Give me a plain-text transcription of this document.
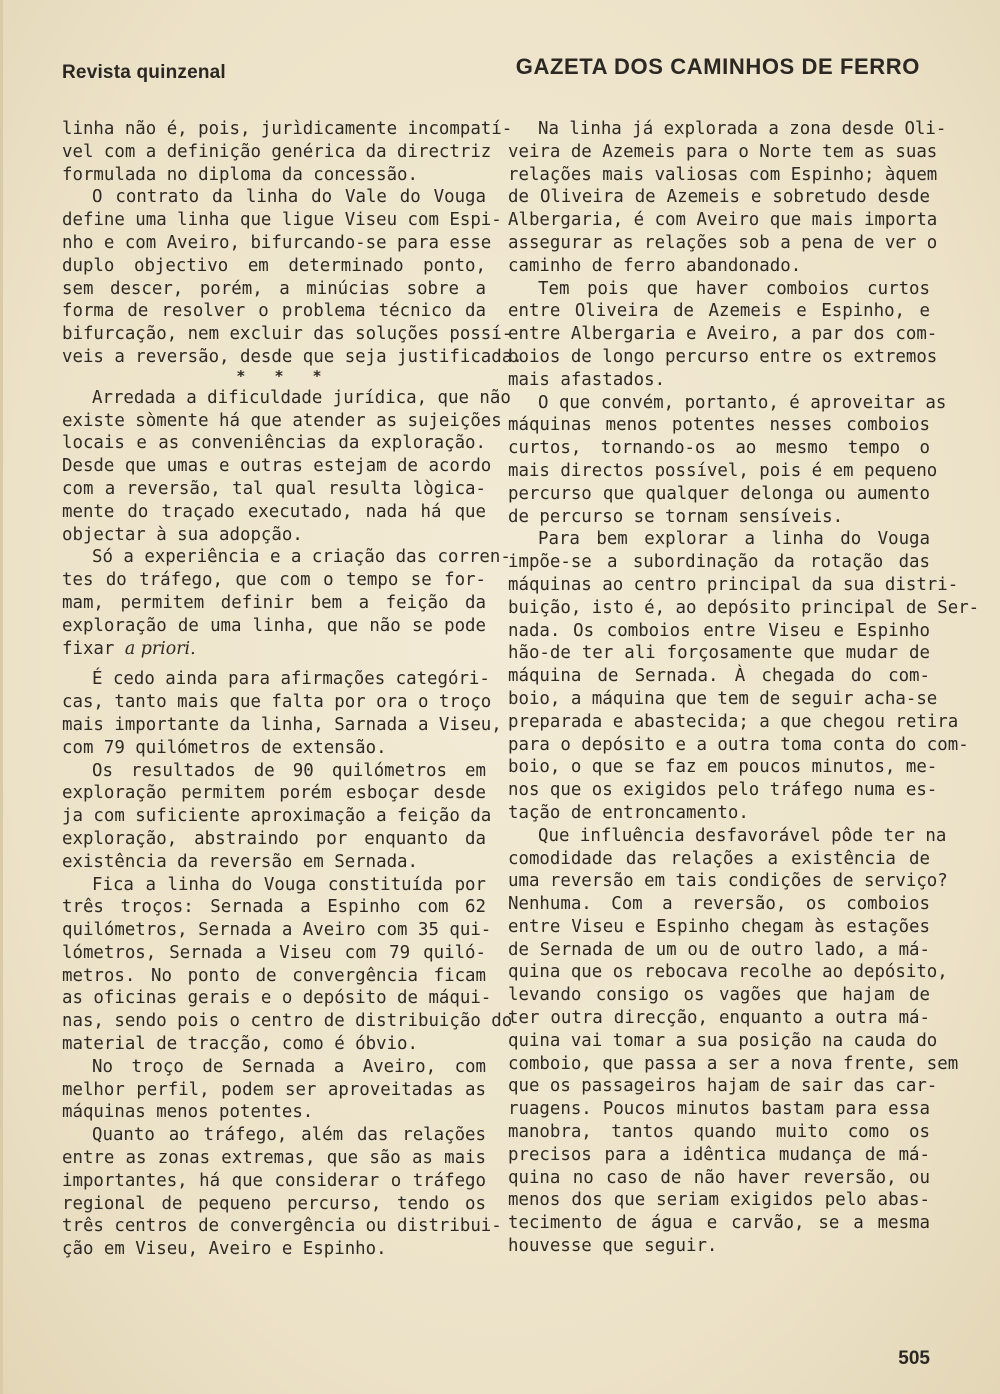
Revista quinzenal	GAZETA DOS CAMINHOS DE FERRO
linha não é, pois, jurìdicamente incompatí-
vel com a definição genérica da directriz
formulada no diploma da concessão.
O contrato da linha do Vale do Vouga
define uma linha que ligue Viseu com Espi-
nho e com Aveiro, bifurcando-se para esse
duplo objectivo em determinado ponto,
sem descer, porém, a minúcias sobre a
forma de resolver o problema técnico da
bifurcação, nem excluir das soluções possí-
veis a reversão, desde que seja justificada.
* * *
Arredada a dificuldade jurídica, que não
existe sòmente há que atender as sujeições
locais e as conveniências da exploração.
Desde que umas e outras estejam de acordo
com a reversão, tal qual resulta lògica-
mente do traçado executado, nada há que
objectar à sua adopção.
Só a experiência e a criação das corren-
tes do tráfego, que com o tempo se for-
mam, permitem definir bem a feição da
exploração de uma linha, que não se pode
fixar a priori.
É cedo ainda para afirmações categóri-
cas, tanto mais que falta por ora o troço
mais importante da linha, Sarnada a Viseu,
com 79 quilómetros de extensão.
Os resultados de 90 quilómetros em
exploração permitem porém esboçar desde
ja com suficiente aproximação a feição da
exploração, abstraindo por enquanto da
existência da reversão em Sernada.
Fica a linha do Vouga constituída por
três troços: Sernada a Espinho com 62
quilómetros, Sernada a Aveiro com 35 qui-
lómetros, Sernada a Viseu com 79 quiló-
metros. No ponto de convergência ficam
as oficinas gerais e o depósito de máqui-
nas, sendo pois o centro de distribuição do
material de tracção, como é óbvio.
No troço de Sernada a Aveiro, com
melhor perfil, podem ser aproveitadas as
máquinas menos potentes.
Quanto ao tráfego, além das relações
entre as zonas extremas, que são as mais
importantes, há que considerar o tráfego
regional de pequeno percurso, tendo os
três centros de convergência ou distribui-
ção em Viseu, Aveiro e Espinho.
Na linha já explorada a zona desde Oli-
veira de Azemeis para o Norte tem as suas
relações mais valiosas com Espinho; àquem
de Oliveira de Azemeis e sobretudo desde
Albergaria, é com Aveiro que mais importa
assegurar as relações sob a pena de ver o
caminho de ferro abandonado.
Tem pois que haver comboios curtos
entre Oliveira de Azemeis e Espinho, e
entre Albergaria e Aveiro, a par dos com-
boios de longo percurso entre os extremos
mais afastados.
O que convém, portanto, é aproveitar as
máquinas menos potentes nesses comboios
curtos, tornando-os ao mesmo tempo o
mais directos possível, pois é em pequeno
percurso que qualquer delonga ou aumento
de percurso se tornam sensíveis.
Para bem explorar a linha do Vouga
impõe-se a subordinação da rotação das
máquinas ao centro principal da sua distri-
buição, isto é, ao depósito principal de Ser-
nada. Os comboios entre Viseu e Espinho
hão-de ter ali forçosamente que mudar de
máquina de Sernada. À chegada do com-
boio, a máquina que tem de seguir acha-se
preparada e abastecida; a que chegou retira
para o depósito e a outra toma conta do com-
boio, o que se faz em poucos minutos, me-
nos que os exigidos pelo tráfego numa es-
tação de entroncamento.
Que influência desfavorável pôde ter na
comodidade das relações a existência de
uma reversão em tais condições de serviço?
Nenhuma. Com a reversão, os comboios
entre Viseu e Espinho chegam às estações
de Sernada de um ou de outro lado, a má-
quina que os rebocava recolhe ao depósito,
levando consigo os vagões que hajam de
ter outra direcção, enquanto a outra má-
quina vai tomar a sua posição na cauda do
comboio, que passa a ser a nova frente, sem
que os passageiros hajam de sair das car-
ruagens. Poucos minutos bastam para essa
manobra, tantos quando muito como os
precisos para a idêntica mudança de má-
quina no caso de não haver reversão, ou
menos dos que seriam exigidos pelo abas-
tecimento de água e carvão, se a mesma
houvesse que seguir.
505
